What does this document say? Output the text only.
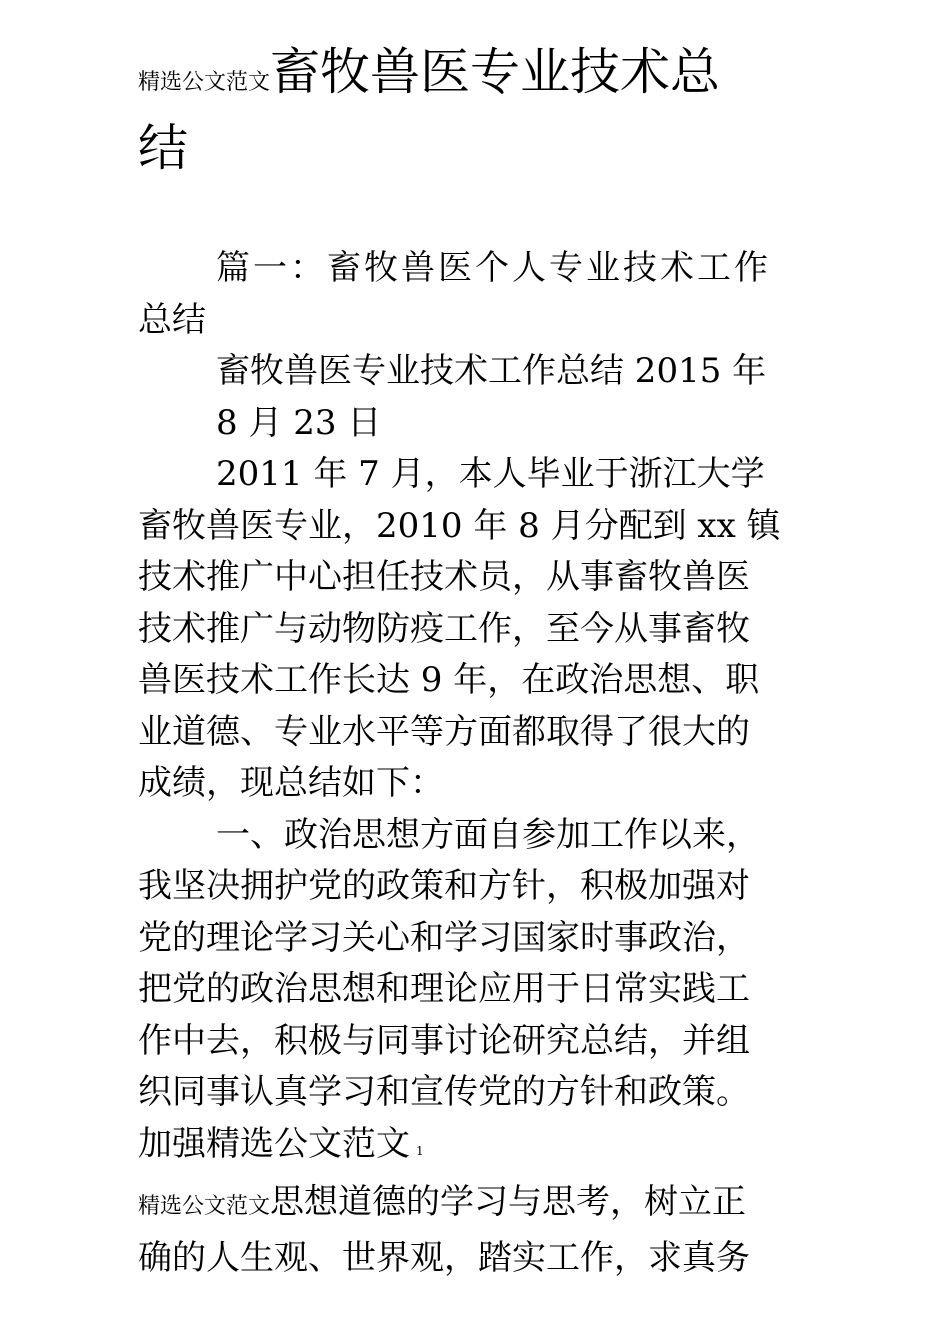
精选公文范文畜牧兽医专业技术总
结
篇一：畜牧兽医个人专业技术工作
总结
畜牧兽医专业技术工作总结 2015 年
8 月 23 日
2011 年 7 月，本人毕业于浙江大学
畜牧兽医专业，2010 年 8 月分配到 xx 镇
技术推广中心担任技术员，从事畜牧兽医
技术推广与动物防疫工作，至今从事畜牧
兽医技术工作长达 9 年，在政治思想、职
业道德、专业水平等方面都取得了很大的
成绩，现总结如下：
一、政治思想方面自参加工作以来，
我坚决拥护党的政策和方针，积极加强对
党的理论学习关心和学习国家时事政治，
把党的政治思想和理论应用于日常实践工
作中去，积极与同事讨论研究总结，并组
织同事认真学习和宣传党的方针和政策。
加强精选公文范文 1
精选公文范文思想道德的学习与思考，树立正
确的人生观、世界观，踏实工作，求真务
